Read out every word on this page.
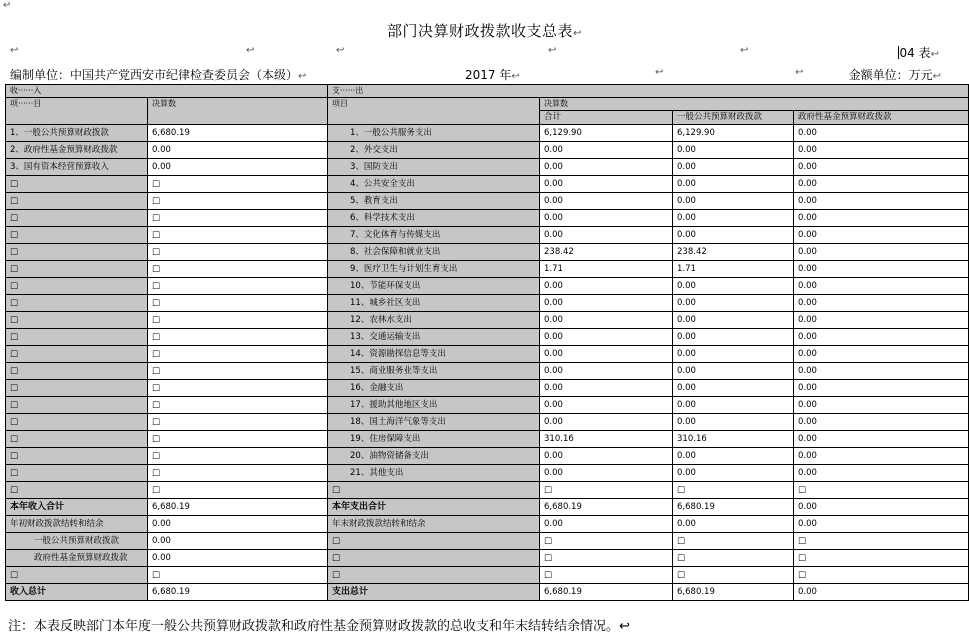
↵
部门决算财政拨款收支总表↩
↩	↩	↩	↩	↩	04 表↩
编制单位：中国共产党西安市纪律检查委员会（本级）↩	2017 年↩	↩	↩	金额单位：万元↩
收······入		支······出			
项······目	决算数	项目	决算数		
			合计	一般公共预算财政拨款	政府性基金预算财政拨款
1、一般公共预算财政拨款	6,680.19	1、一般公共服务支出	6,129.90	6,129.90	0.00
2、政府性基金预算财政拨款	0.00	2、外交支出	0.00	0.00	0.00
3、国有资本经营预算收入	0.00	3、国防支出	0.00	0.00	0.00
□	□	4、公共安全支出	0.00	0.00	0.00
□	□	5、教育支出	0.00	0.00	0.00
□	□	6、科学技术支出	0.00	0.00	0.00
□	□	7、文化体育与传媒支出	0.00	0.00	0.00
□	□	8、社会保障和就业支出	238.42	238.42	0.00
□	□	9、医疗卫生与计划生育支出	1.71	1.71	0.00
□	□	10、节能环保支出	0.00	0.00	0.00
□	□	11、城乡社区支出	0.00	0.00	0.00
□	□	12、农林水支出	0.00	0.00	0.00
□	□	13、交通运输支出	0.00	0.00	0.00
□	□	14、资源勘探信息等支出	0.00	0.00	0.00
□	□	15、商业服务业等支出	0.00	0.00	0.00
□	□	16、金融支出	0.00	0.00	0.00
□	□	17、援助其他地区支出	0.00	0.00	0.00
□	□	18、国土海洋气象等支出	0.00	0.00	0.00
□	□	19、住房保障支出	310.16	310.16	0.00
□	□	20、油物资储备支出	0.00	0.00	0.00
□	□	21、其他支出	0.00	0.00	0.00
□	□	□	□	□	□
本年收入合计	6,680.19	本年支出合计	6,680.19	6,680.19	0.00
年初财政拨款结转和结余	0.00	年末财政拨款结转和结余	0.00	0.00	0.00
一般公共预算财政拨款	0.00	□	□	□	□
政府性基金预算财政拨款	0.00	□	□	□	□
□	□	□	□	□	□
收入总计	6,680.19	支出总计	6,680.19	6,680.19	0.00
注：本表反映部门本年度一般公共预算财政拨款和政府性基金预算财政拨款的总收支和年末结转结余情况。↩
